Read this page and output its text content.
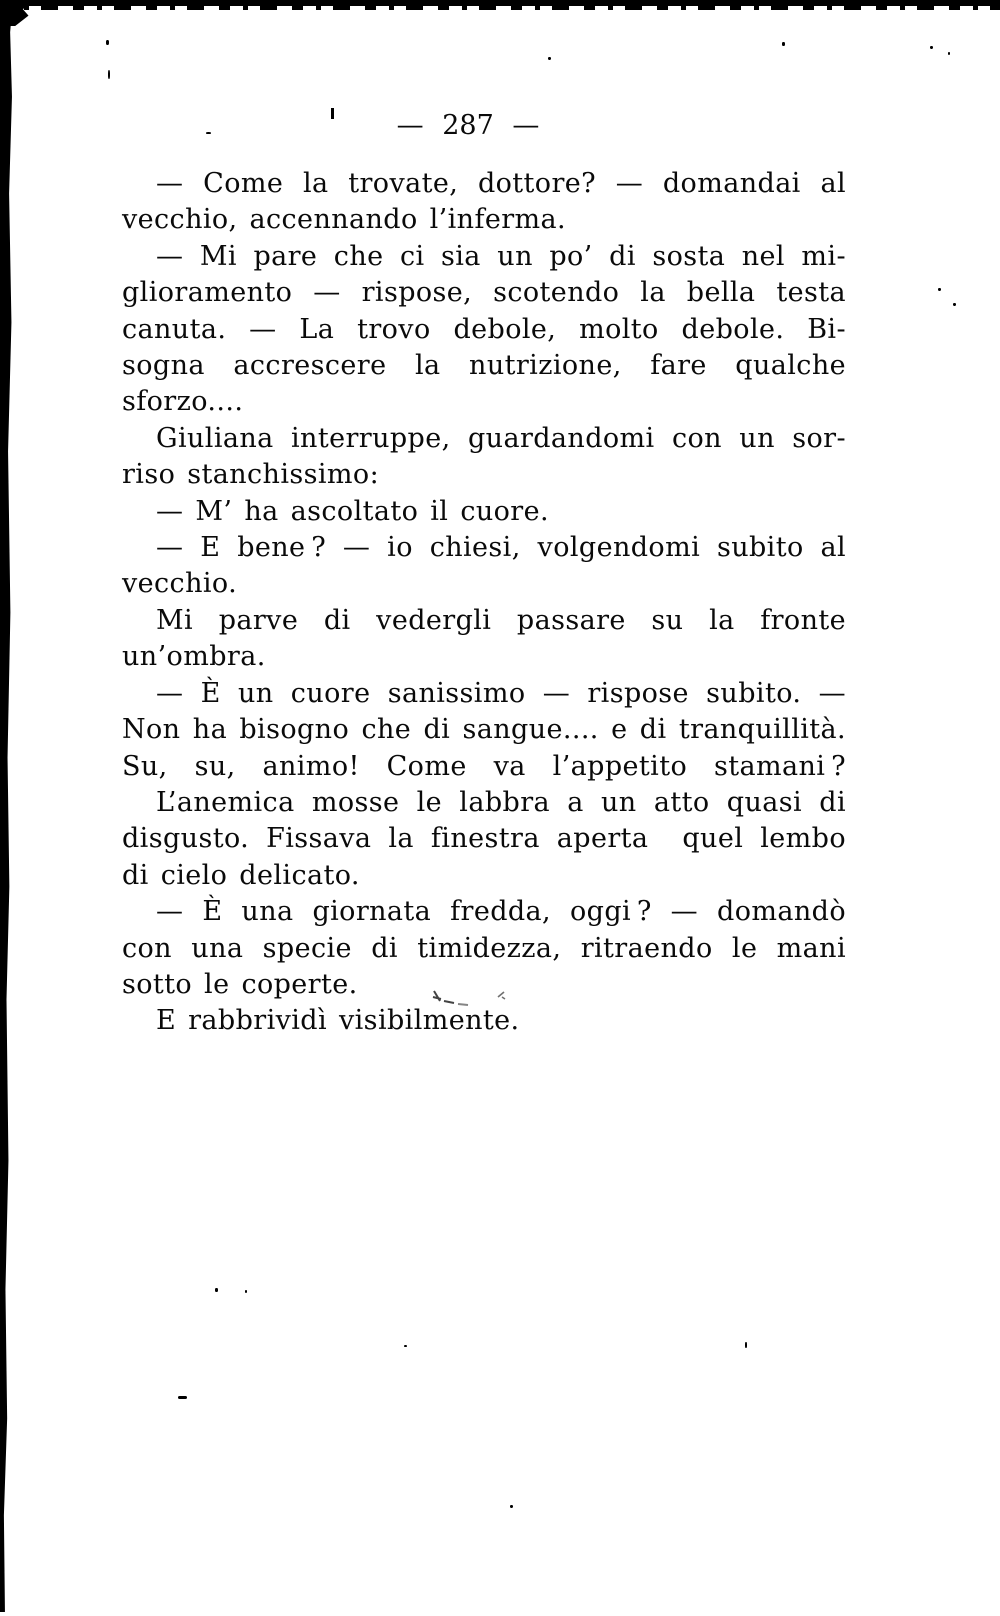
— 287 —
— Come la trovate, dottore? — domandai al
vecchio, accennando l’inferma.
— Mi pare che ci sia un po’ di sosta nel mi-
glioramento — rispose, scotendo la bella testa
canuta. — La trovo debole, molto debole. Bi-
sogna accrescere la nutrizione, fare qualche
sforzo....
Giuliana interruppe, guardandomi con un sor-
riso stanchissimo:
— M’ ha ascoltato il cuore.
— E bene ? — io chiesi, volgendomi subito al
vecchio.
Mi parve di vedergli passare su la fronte
un’ombra.
— È un cuore sanissimo — rispose subito. —
Non ha bisogno che di sangue.... e di tranquillità.
Su, su, animo! Come va l’appetito stamani ?
L’anemica mosse le labbra a un atto quasi di
disgusto. Fissava la finestra aperta  quel lembo
di cielo delicato.
— È una giornata fredda, oggi ? — domandò
con una specie di timidezza, ritraendo le mani
sotto le coperte.
E rabbrividì visibilmente.
